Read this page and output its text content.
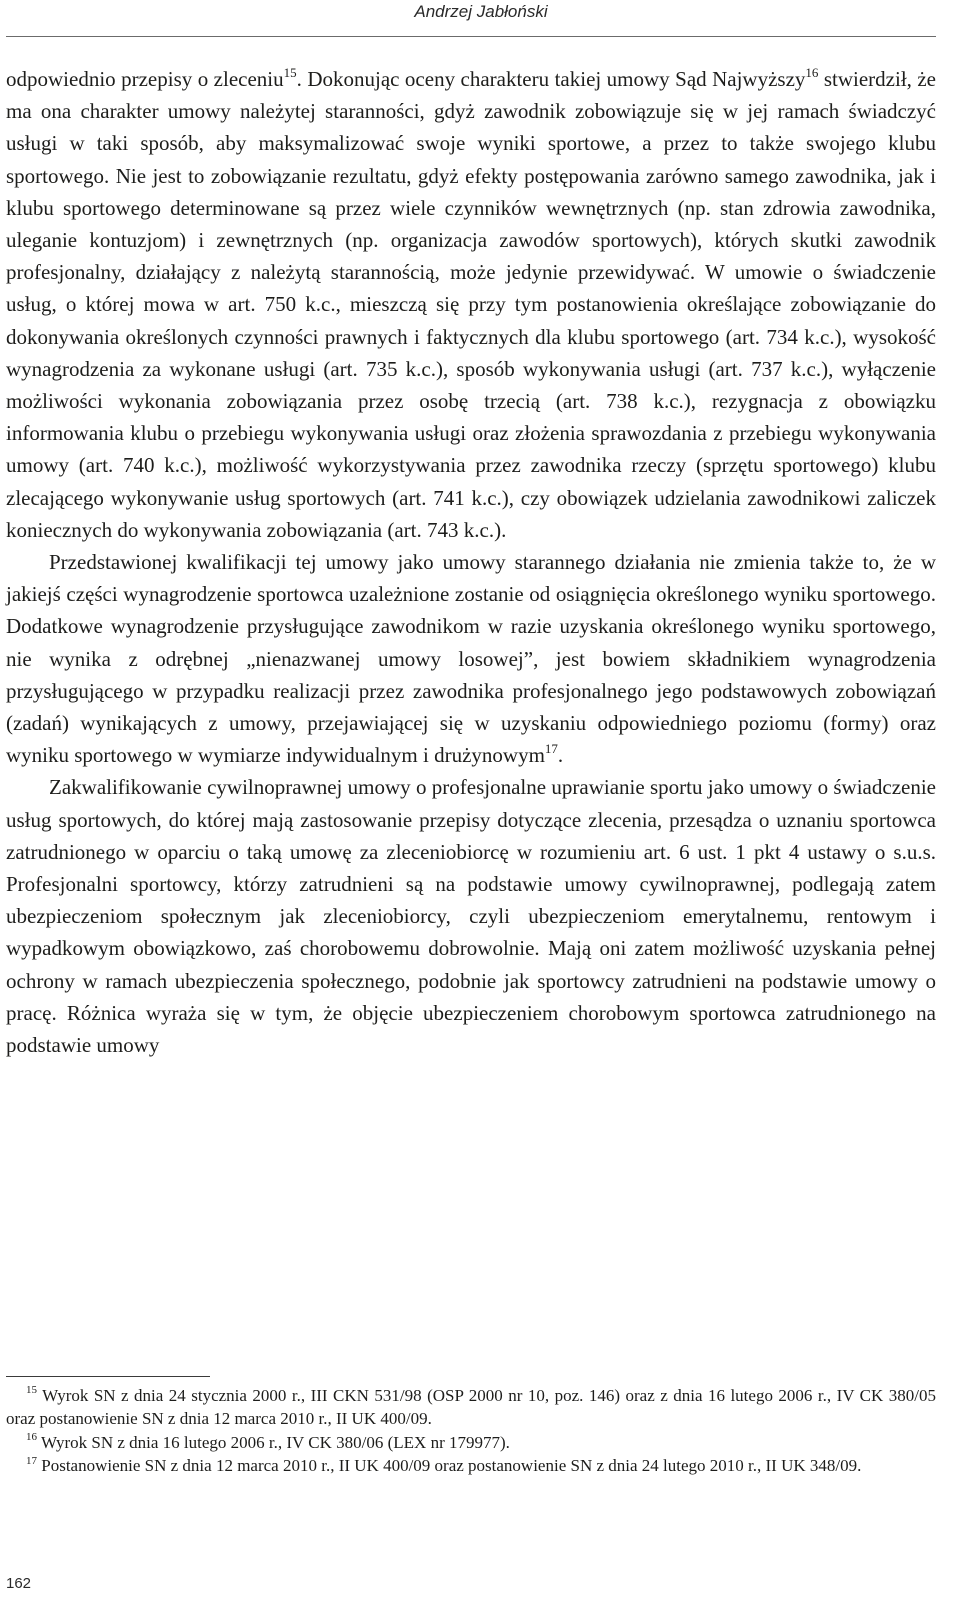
Andrzej Jabłoński

odpowiednio przepisy o zleceniu$^{15}$. Dokonując oceny charakteru takiej umowy Sąd Najwyższy$^{16}$ stwierdził, że ma ona charakter umowy należytej staranności, gdyż zawodnik zobowiązuje się w jej ramach świadczyć usługi w taki sposób, aby maksymalizować swoje wyniki sportowe, a przez to także swojego klubu sportowego. Nie jest to zobowiązanie rezultatu, gdyż efekty postępowania zarówno samego zawodnika, jak i klubu sportowego determinowane są przez wiele czynników wewnętrznych (np. stan zdrowia zawodnika, uleganie kontuzjom) i zewnętrznych (np. organizacja zawodów sportowych), których skutki zawodnik profesjonalny, działający z należytą starannością, może jedynie przewidywać. W umowie o świadczenie usług, o której mowa w art. 750 k.c., mieszczą się przy tym postanowienia określające zobowiązanie do dokonywania określonych czynności prawnych i faktycznych dla klubu sportowego (art. 734 k.c.), wysokość wynagrodzenia za wykonane usługi (art. 735 k.c.), sposób wykonywania usługi (art. 737 k.c.), wyłączenie możliwości wykonania zobowiązania przez osobę trzecią (art. 738 k.c.), rezygnacja z obowiązku informowania klubu o przebiegu wykonywania usługi oraz złożenia sprawozdania z przebiegu wykonywania umowy (art. 740 k.c.), możliwość wykorzystywania przez zawodnika rzeczy (sprzętu sportowego) klubu zlecającego wykonywanie usług sportowych (art. 741 k.c.), czy obowiązek udzielania zawodnikowi zaliczek koniecznych do wykonywania zobowiązania (art. 743 k.c.).

Przedstawionej kwalifikacji tej umowy jako umowy starannego działania nie zmienia także to, że w jakiejś części wynagrodzenie sportowca uzależnione zostanie od osiągnięcia określonego wyniku sportowego. Dodatkowe wynagrodzenie przysługujące zawodnikom w razie uzyskania określonego wyniku sportowego, nie wynika z odrębnej „nienazwanej umowy losowej”, jest bowiem składnikiem wynagrodzenia przysługującego w przypadku realizacji przez zawodnika profesjonalnego jego podstawowych zobowiązań (zadań) wynikających z umowy, przejawiającej się w uzyskaniu odpowiedniego poziomu (formy) oraz wyniku sportowego w wymiarze indywidualnym i drużynowym$^{17}$.

Zakwalifikowanie cywilnoprawnej umowy o profesjonalne uprawianie sportu jako umowy o świadczenie usług sportowych, do której mają zastosowanie przepisy dotyczące zlecenia, przesądza o uznaniu sportowca zatrudnionego w oparciu o taką umowę za zleceniobiorcę w rozumieniu art. 6 ust. 1 pkt 4 ustawy o s.u.s. Profesjonalni sportowcy, którzy zatrudnieni są na podstawie umowy cywilnoprawnej, podlegają zatem ubezpieczeniom społecznym jak zleceniobiorcy, czyli ubezpieczeniom emerytalnemu, rentowym i wypadkowym obowiązkowo, zaś chorobowemu dobrowolnie. Mają oni zatem możliwość uzyskania pełnej ochrony w ramach ubezpieczenia społecznego, podobnie jak sportowcy zatrudnieni na podstawie umowy o pracę. Różnica wyraża się w tym, że objęcie ubezpieczeniem chorobowym sportowca zatrudnionego na podstawie umowy

$^{15}$ Wyrok SN z dnia 24 stycznia 2000 r., III CKN 531/98 (OSP 2000 nr 10, poz. 146) oraz z dnia 16 lutego 2006 r., IV CK 380/05 oraz postanowienie SN z dnia 12 marca 2010 r., II UK 400/09.

$^{16}$ Wyrok SN z dnia 16 lutego 2006 r., IV CK 380/06 (LEX nr 179977).

$^{17}$ Postanowienie SN z dnia 12 marca 2010 r., II UK 400/09 oraz postanowienie SN z dnia 24 lutego 2010 r., II UK 348/09.

162
